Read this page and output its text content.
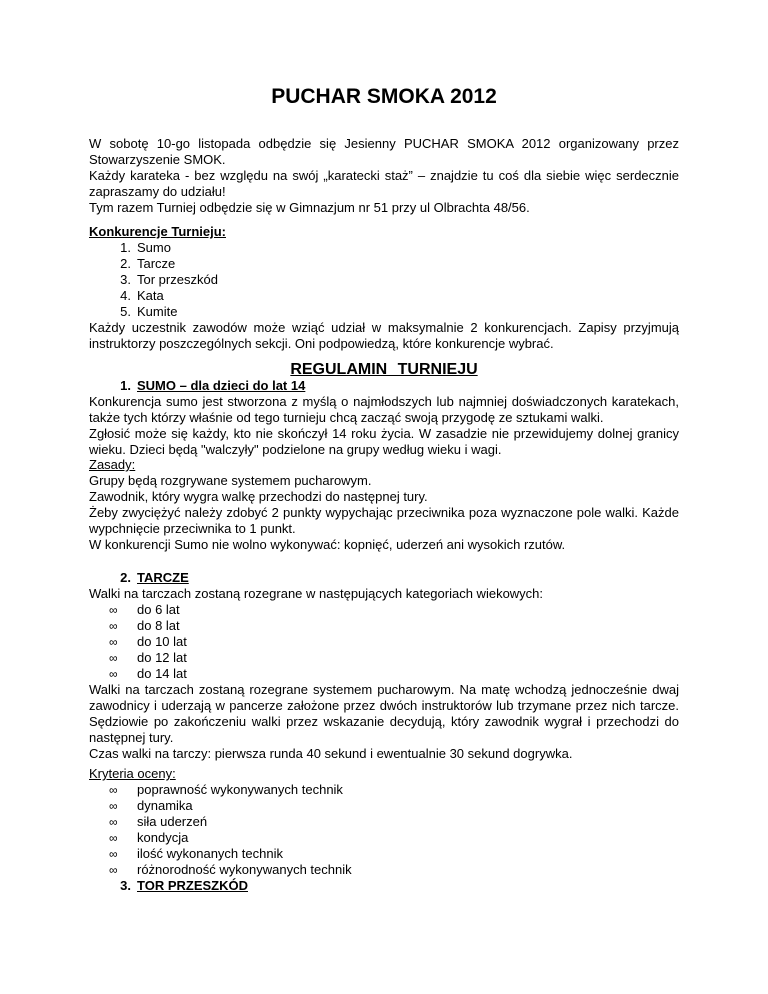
PUCHAR SMOKA 2012

W sobotę 10-go listopada odbędzie się Jesienny PUCHAR SMOKA 2012 organizowany przez Stowarzyszenie SMOK.

Każdy karateka - bez względu na swój „karatecki staż” – znajdzie tu coś dla siebie więc serdecznie zapraszamy do udziału!

Tym razem Turniej odbędzie się w Gimnazjum nr 51 przy ul Olbrachta 48/56.

Konkurencje Turnieju:

1. Sumo
2. Tarcze
3. Tor przeszkód
4. Kata
5. Kumite

Każdy uczestnik zawodów może wziąć udział w maksymalnie 2 konkurencjach. Zapisy przyjmują instruktorzy poszczególnych sekcji. Oni podpowiedzą, które konkurencje wybrać.

REGULAMIN TURNIEJU
1. SUMO – dla dzieci do lat 14

Konkurencja sumo jest stworzona z myślą o najmłodszych lub najmniej doświadczonych karatekach, także tych którzy właśnie od tego turnieju chcą zacząć swoją przygodę ze sztukami walki.

Zgłosić może się każdy, kto nie skończył 14 roku życia. W zasadzie nie przewidujemy dolnej granicy wieku. Dzieci będą "walczyły" podzielone na grupy według wieku i wagi.

Zasady:

Grupy będą rozgrywane systemem pucharowym.

Zawodnik, który wygra walkę przechodzi do następnej tury.

Żeby zwyciężyć należy zdobyć 2 punkty wypychając przeciwnika poza wyznaczone pole walki. Każde wypchnięcie przeciwnika to 1 punkt.

W konkurencji Sumo nie wolno wykonywać: kopnięć, uderzeń ani wysokich rzutów.

2. TARCZE

Walki na tarczach zostaną rozegrane w następujących kategoriach wiekowych:

∞	do 6 lat
∞	do 8 lat
∞	do 10 lat
∞	do 12 lat
∞	do 14 lat

Walki na tarczach zostaną rozegrane systemem pucharowym. Na matę wchodzą jednocześnie dwaj zawodnicy i uderzają w pancerze założone przez dwóch instruktorów lub trzymane przez nich tarcze. Sędziowie po zakończeniu walki przez wskazanie decydują, który zawodnik wygrał i przechodzi do następnej tury.

Czas walki na tarczy: pierwsza runda 40 sekund i ewentualnie 30 sekund dogrywka.

Kryteria oceny:

∞	poprawność wykonywanych technik
∞	dynamika
∞	siła uderzeń
∞	kondycja
∞	ilość wykonanych technik
∞	różnorodność wykonywanych technik
3. TOR PRZESZKÓD
